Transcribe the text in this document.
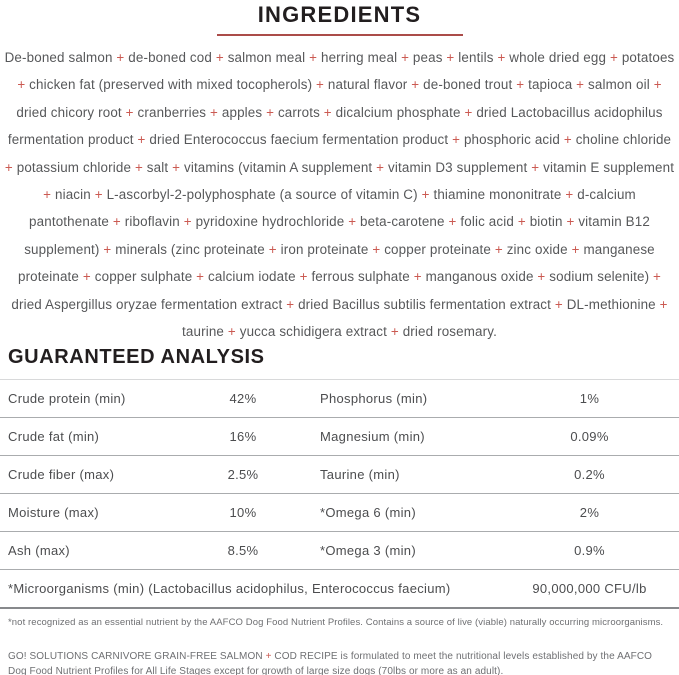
INGREDIENTS

De-boned salmon + de-boned cod + salmon meal + herring meal + peas + lentils + whole dried egg + potatoes + chicken fat (preserved with mixed tocopherols) + natural flavor + de-boned trout + tapioca + salmon oil + dried chicory root + cranberries + apples + carrots + dicalcium phosphate + dried Lactobacillus acidophilus fermentation product + dried Enterococcus faecium fermentation product + phosphoric acid + choline chloride + potassium chloride + salt + vitamins (vitamin A supplement + vitamin D3 supplement + vitamin E supplement + niacin + L-ascorbyl-2-polyphosphate (a source of vitamin C) + thiamine mononitrate + d-calcium pantothenate + riboflavin + pyridoxine hydrochloride + beta-carotene + folic acid + biotin + vitamin B12 supplement) + minerals (zinc proteinate + iron proteinate + copper proteinate + zinc oxide + manganese proteinate + copper sulphate + calcium iodate + ferrous sulphate + manganous oxide + sodium selenite) + dried Aspergillus oryzae fermentation extract + dried Bacillus subtilis fermentation extract + DL-methionine + taurine + yucca schidigera extract + dried rosemary.

GUARANTEED ANALYSIS
Crude protein (min)	42%	Phosphorus (min)	1%
Crude fat (min)	16%	Magnesium (min)	0.09%
Crude fiber (max)	2.5%	Taurine (min)	0.2%
Moisture (max)	10%	*Omega 6 (min)	2%
Ash (max)	8.5%	*Omega 3 (min)	0.9%
*Microorganisms (min) (Lactobacillus acidophilus, Enterococcus faecium)	90,000,000 CFU/lb

*not recognized as an essential nutrient by the AAFCO Dog Food Nutrient Profiles. Contains a source of live (viable) naturally occurring microorganisms.

GO! SOLUTIONS CARNIVORE GRAIN-FREE SALMON + COD RECIPE is formulated to meet the nutritional levels established by the AAFCO Dog Food Nutrient Profiles for All Life Stages except for growth of large size dogs (70lbs or more as an adult).
